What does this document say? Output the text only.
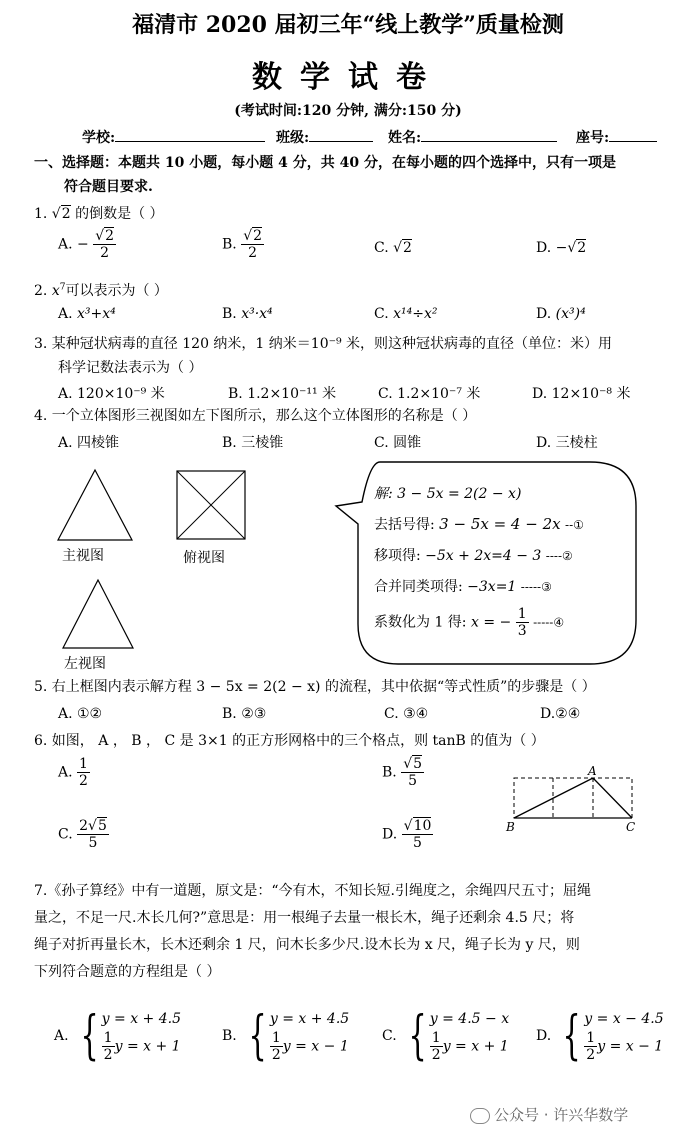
福清市 2020 届初三年“线上教学”质量检测
数学试卷
(考试时间:120 分钟, 满分:150 分)
学校:	班级:	姓名:	座号:
一、选择题：本题共 10 小题，每小题 4 分，共 40 分，在每小题的四个选择中，只有一项是
符合题目要求.
1. √2 的倒数是（ ）
A. − $\frac{√2}{2}$	B. $\frac{√2}{2}$	C. √2	D. −√2
2. $x^7$可以表示为（ ）
A. x³+x⁴	B. x³·x⁴	C. x¹⁴÷x²	D. (x³)⁴
3. 某种冠状病毒的直径 120 纳米，1 纳米＝10⁻⁹ 米，则这种冠状病毒的直径（单位：米）用
科学记数法表示为（ ）
A. 120×10⁻⁹ 米	B. 1.2×10⁻¹¹ 米	C. 1.2×10⁻⁷ 米	D. 12×10⁻⁸ 米
4. 一个立体图形三视图如左下图所示，那么这个立体图形的名称是（ ）
A. 四棱锥	B. 三棱锥	C. 圆锥	D. 三棱柱
主视图	俯视图
左视图
解: 3 − 5x = 2(2 − x)
去括号得: 3 − 5x = 4 − 2x --①
移项得: −5x + 2x=4 − 3 ----②
合并同类项得: −3x=1 -----③
系数化为 1 得: x = − $\frac{1}{3}$ -----④
5. 右上框图内表示解方程 3 − 5x = 2(2 − x) 的流程，其中依据“等式性质”的步骤是（ ）
A. ①②	B. ②③	C. ③④	D.②④
6. 如图， A ， B ， C 是 3×1 的正方形网格中的三个格点，则 tanB 的值为（ ）
A. $\frac{1}{2}$	B. $\frac{√5}{5}$
C. $\frac{2√5}{5}$	D. $\frac{√10}{5}$
A
B	C
7.《孙子算经》中有一道题，原文是：“今有木，不知长短.引绳度之，余绳四尺五寸；屈绳
量之，不足一尺.木长几何?”意思是：用一根绳子去量一根长木，绳子还剩余 4.5 尺；将
绳子对折再量长木，长木还剩余 1 尺，问木长多少尺.设木长为 x 尺，绳子长为 y 尺，则
下列符合题意的方程组是（ ）
A. { y = x + 4.5
$\frac{1}{2}$ y = x + 1
B. { y = x + 4.5
$\frac{1}{2}$ y = x − 1
C. { y = 4.5 − x
$\frac{1}{2}$ y = x + 1
D. { y = x − 4.5
$\frac{1}{2}$ y = x − 1
公众号 · 许兴华数学
